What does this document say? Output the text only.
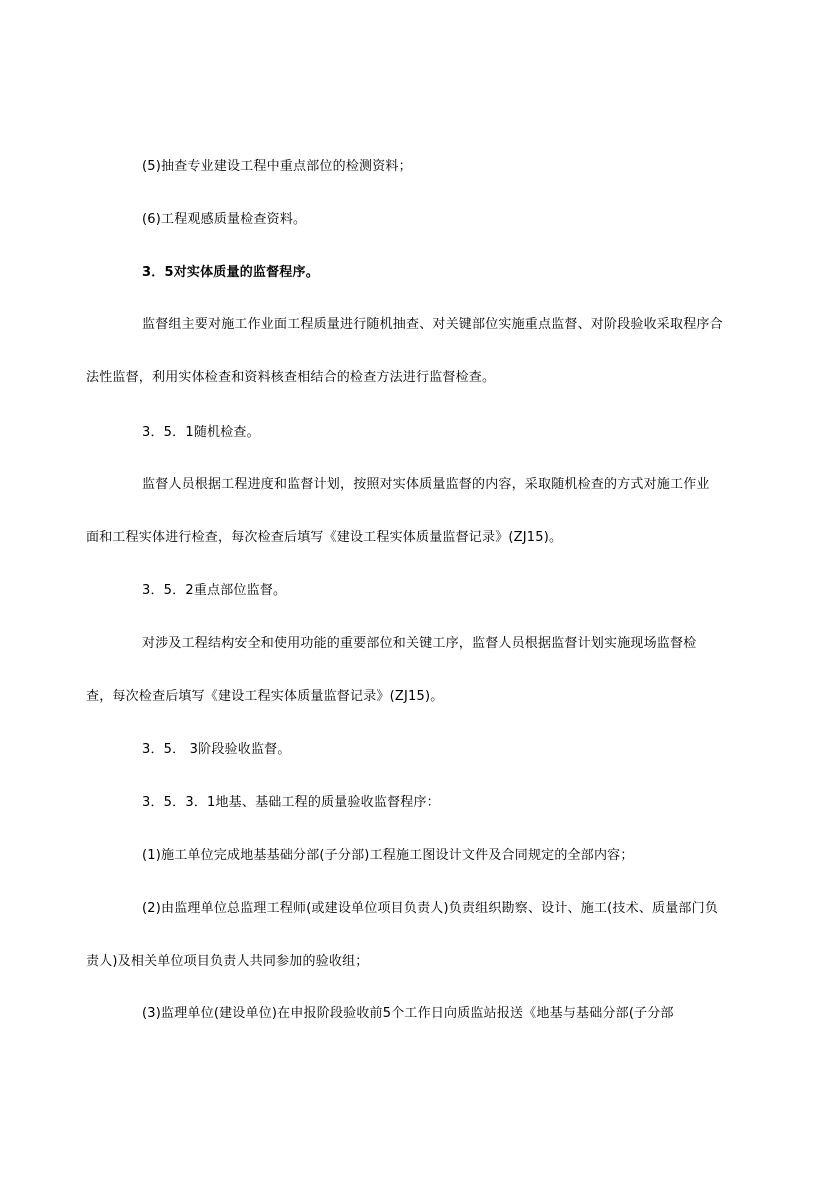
(5)抽查专业建设工程中重点部位的检测资料；
(6)工程观感质量检查资料。
3．5对实体质量的监督程序。
监督组主要对施工作业面工程质量进行随机抽查、对关键部位实施重点监督、对阶段验收采取程序合
法性监督，利用实体检查和资料核查相结合的检查方法进行监督检查。
3．5．1随机检查。
监督人员根据工程进度和监督计划，按照对实体质量监督的内容，采取随机检查的方式对施工作业
面和工程实体进行检查，每次检查后填写《建设工程实体质量监督记录》(ZJ15)。
3．5．2重点部位监督。
对涉及工程结构安全和使用功能的重要部位和关键工序，监督人员根据监督计划实施现场监督检
查，每次检查后填写《建设工程实体质量监督记录》(ZJ15)。
3．5． 3阶段验收监督。
3．5．3．1地基、基础工程的质量验收监督程序：
(1)施工单位完成地基基础分部(子分部)工程施工图设计文件及合同规定的全部内容；
(2)由监理单位总监理工程师(或建设单位项目负责人)负责组织勘察、设计、施工(技术、质量部门负
责人)及相关单位项目负责人共同参加的验收组；
(3)监理单位(建设单位)在申报阶段验收前5个工作日向质监站报送《地基与基础分部(子分部
